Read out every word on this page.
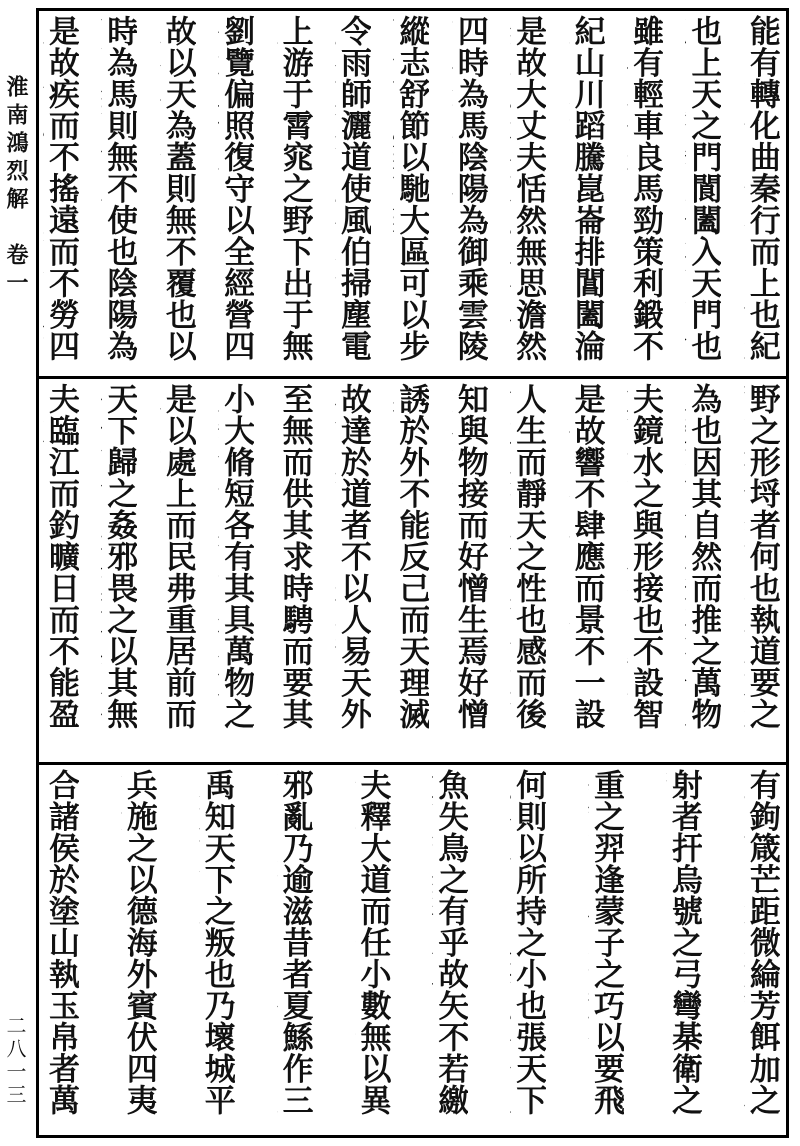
淮南鴻烈解　卷一
二八一三
能有轉化曲秦行而上也紀
也上天之門閬闔入天門也
雖有輕車良馬勁策利鍛不
紀山川蹈騰崑崙排閶闔淪
是故大丈夫恬然無思澹然
四時為馬陰陽為御乘雲陵
縱志舒節以馳大區可以步
令雨師灑道使風伯掃塵電
上游于霄窕之野下出于無
劉覽偏照復守以全經營四
故以天為蓋則無不覆也以
時為馬則無不使也陰陽為
是故疾而不搖遠而不勞四
野之形埒者何也執道要之
為也因其自然而推之萬物
夫鏡水之與形接也不設智
是故響不肆應而景不一設
人生而靜天之性也感而後
知與物接而好憎生焉好憎
誘於外不能反己而天理滅
故達於道者不以人易天外
至無而供其求時騁而要其
小大脩短各有其具萬物之
是以處上而民弗重居前而
天下歸之姦邪畏之以其無
夫臨江而釣曠日而不能盈
有鉤箴芒距微綸芳餌加之
射者扞烏號之弓彎棊衛之
重之羿逢蒙子之巧以要飛
何則以所持之小也張天下
魚失鳥之有乎故矢不若繳
夫釋大道而任小數無以異
邪亂乃逾滋昔者夏鯀作三
禹知天下之叛也乃壞城平
兵施之以德海外賓伏四夷
合諸侯於塗山執玉帛者萬
